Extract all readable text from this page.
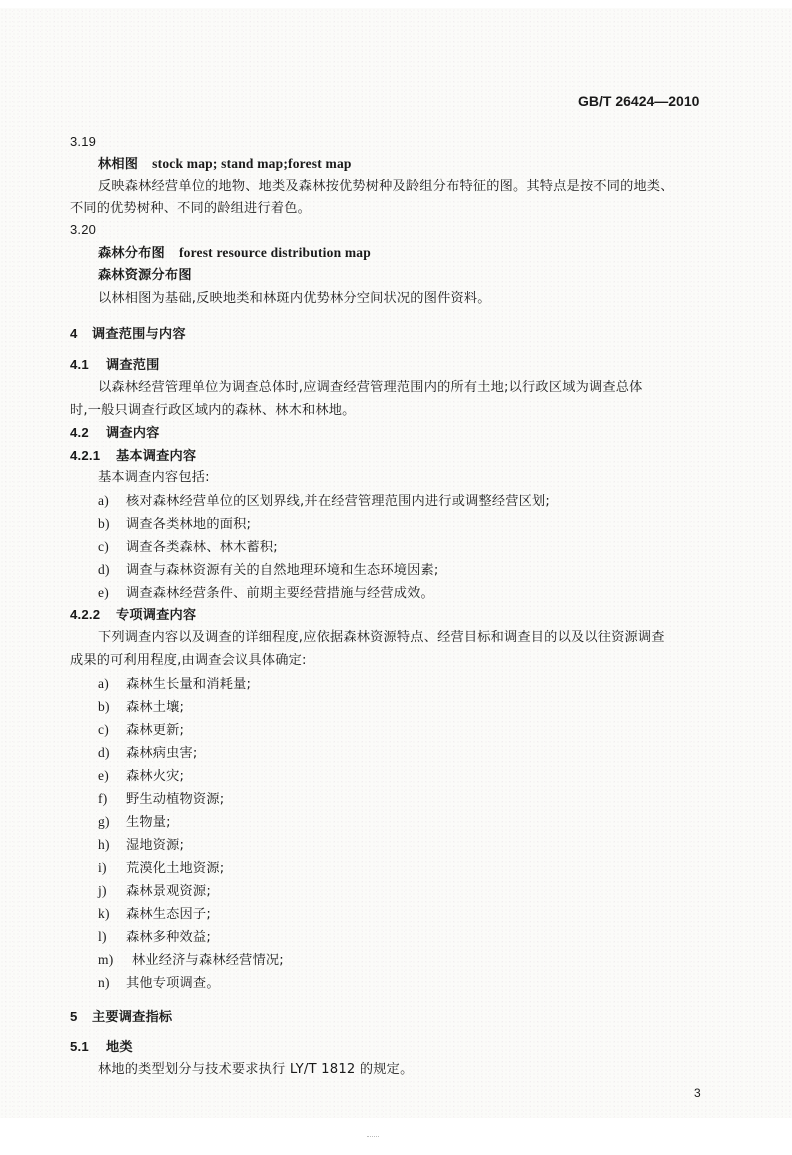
GB/T 26424—2010
3.19
林相图 stock map; stand map;forest map
反映森林经营单位的地物、地类及森林按优势树种及龄组分布特征的图。其特点是按不同的地类、
不同的优势树种、不同的龄组进行着色。
3.20
森林分布图 forest resource distribution map
森林资源分布图
以林相图为基础,反映地类和林斑内优势林分空间状况的图件资料。
4 调查范围与内容
4.1 调查范围
以森林经营管理单位为调查总体时,应调查经营管理范围内的所有土地;以行政区域为调查总体
时,一般只调查行政区域内的森林、林木和林地。
4.2 调查内容
4.2.1 基本调查内容
基本调查内容包括:
a) 核对森林经营单位的区划界线,并在经营管理范围内进行或调整经营区划;
b) 调查各类林地的面积;
c) 调查各类森林、林木蓄积;
d) 调查与森林资源有关的自然地理环境和生态环境因素;
e) 调查森林经营条件、前期主要经营措施与经营成效。
4.2.2 专项调查内容
下列调查内容以及调查的详细程度,应依据森林资源特点、经营目标和调查目的以及以往资源调查
成果的可利用程度,由调查会议具体确定:
a) 森林生长量和消耗量;
b) 森林土壤;
c) 森林更新;
d) 森林病虫害;
e) 森林火灾;
f) 野生动植物资源;
g) 生物量;
h) 湿地资源;
i) 荒漠化土地资源;
j) 森林景观资源;
k) 森林生态因子;
l) 森林多种效益;
m) 林业经济与森林经营情况;
n) 其他专项调查。
5 主要调查指标
5.1 地类
林地的类型划分与技术要求执行 LY/T 1812 的规定。
3
